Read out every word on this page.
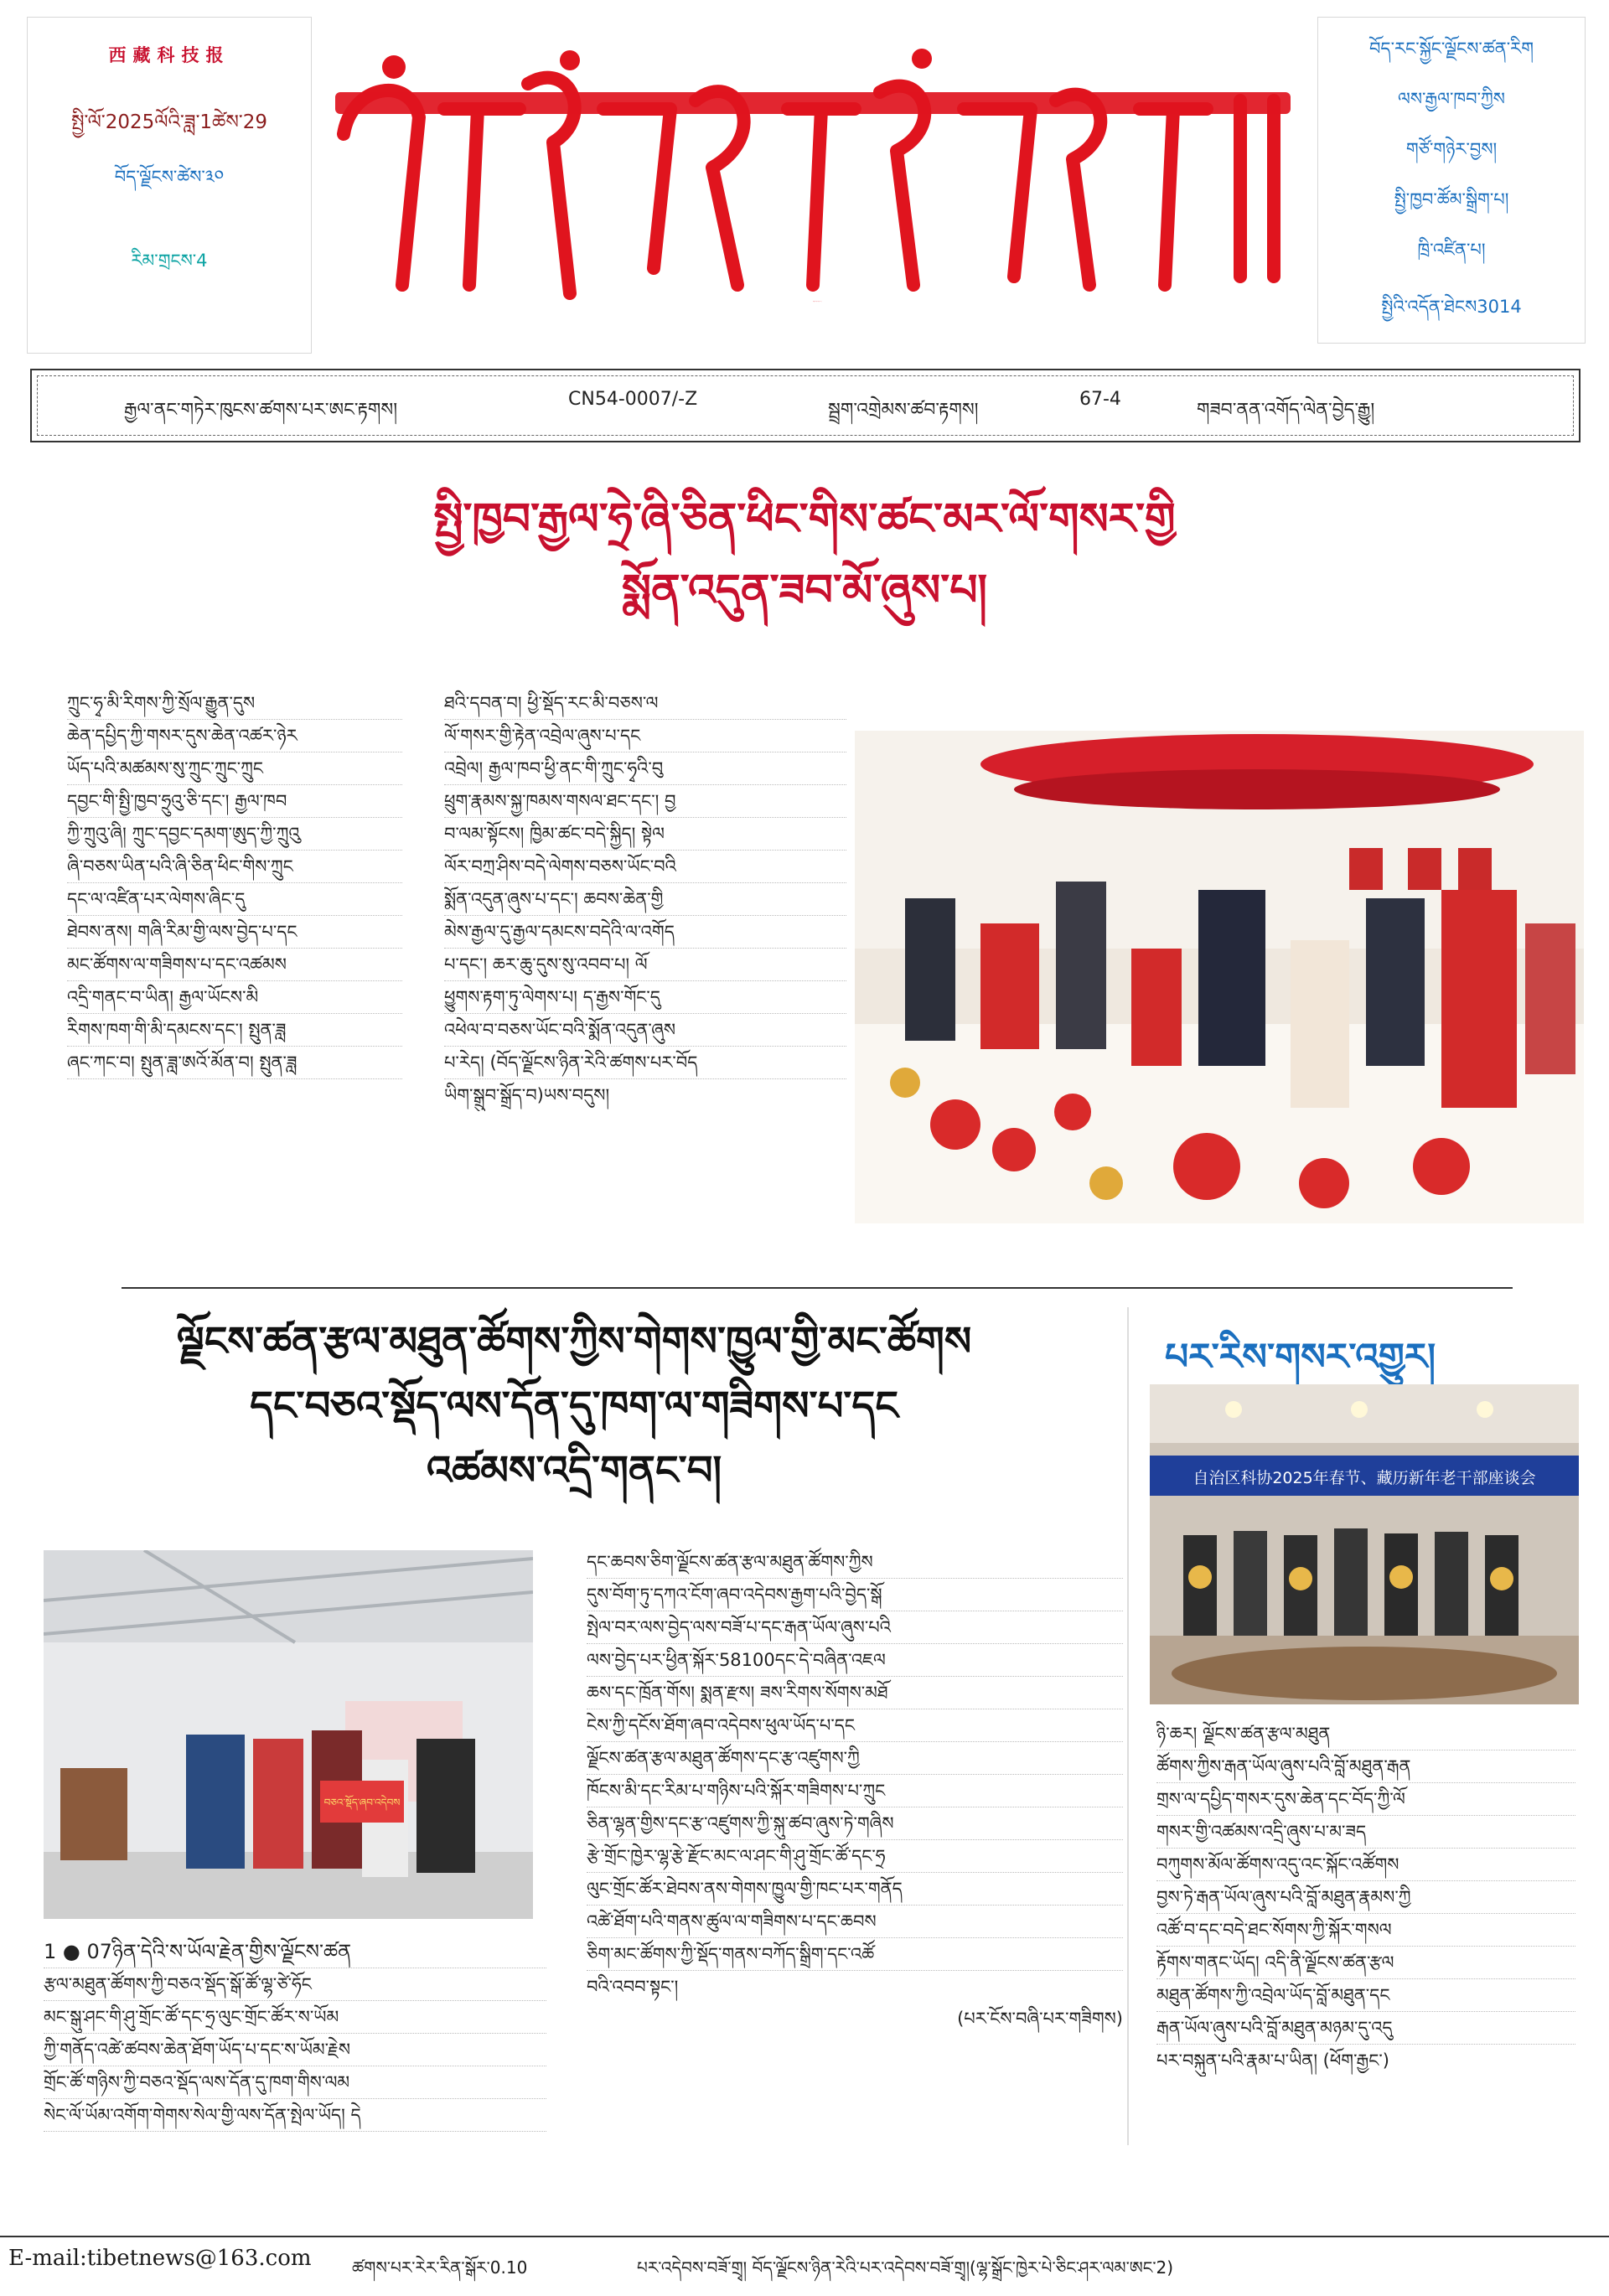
西藏科技报
སྤྱི་ལོ་2025ལོའི་ཟླ་1ཚེས་29
བོད་ལྗོངས་ཚེས་༣༠
རིམ་གྲངས་4
བོད་ལྗོངས་ཚན་རིག་ཚགས་པར།
བོད་རང་སྐྱོང་ལྗོངས་ཚན་རིག
ལས་རྒྱལ་ཁབ་ཀྱིས
གཙོ་གཉེར་བྱས།
སྤྱི་ཁྱབ་ཚོམ་སྒྲིག་པ།
ཁྲི་འཛིན་པ།
སྤྱིའི་འདོན་ཐེངས3014
རྒྱལ་ནང་གཏེར་ཁུངས་ཚགས་པར་ཨང་རྟགས།
CN54-0007/-Z
སྦྲག་འགྲེམས་ཚབ་རྟགས།
67-4
གཟབ་ནན་འགོད་ལེན་བྱེད་རྒྱུ།
སྤྱི་ཁྱབ་རྒྱལ་ཧྲེ་ཞི་ཅིན་ཕིང་གིས་ཚང་མར་ལོ་གསར་གྱི
སྨོན་འདུན་ཟབ་མོ་ཞུས་པ།
ཀྲུང་ཧྭ་མི་རིགས་ཀྱི་སྲོལ་རྒྱུན་དུས
ཆེན་དཔྱིད་ཀྱི་གསར་དུས་ཆེན་འཚར་ཉེར
ཡོད་པའི་མཚམས་སུ་ཀྲུང་ཀྲུང་ཀྲུང
དབྱང་གི་སྤྱི་ཁྱབ་ཧྲུའུ་ཅི་དང་། རྒྱལ་ཁབ
ཀྱི་ཀྲུའུ་ཞི། ཀྲུང་དབྱང་དམག་ཨུད་ཀྱི་ཀྲུའུ
ཞི་བཅས་ཡིན་པའི་ཞི་ཅིན་ཕིང་གིས་ཀྲུང
དང་ལ་འཛིན་པར་ལེགས་ཞིང་དུ
ཐེབས་ནས། གཞི་རིམ་གྱི་ལས་བྱེད་པ་དང
མང་ཚོགས་ལ་གཟིགས་པ་དང་འཚམས
འདྲི་གནང་བ་ཡིན། རྒྱལ་ཡོངས་མི
རིགས་ཁག་གི་མི་དམངས་དང་། སྤུན་ཟླ
ཞང་ཀང་བ། སྤུན་ཟླ་ཨའོ་མོན་བ། སྤུན་ཟླ
ཐའི་དབན་བ། ཕྱི་སྡོད་རང་མི་བཅས་ལ
ལོ་གསར་གྱི་རྟེན་འབྲེལ་ཞུས་པ་དང
འབྲེལ། རྒྱལ་ཁབ་ཕྱི་ནང་གི་ཀྲུང་ཧྭའི་བུ
ཕྲུག་རྣམས་སྐྱ་ཁམས་གསལ་ཐང་དང་། བྱ
བ་ལམ་སྟོངས། ཁྱིམ་ཚང་བདེ་སྐྱིད། སྟེལ
ལོར་བཀྲ་ཤིས་བདེ་ལེགས་བཅས་ཡོང་བའི
སྨོན་འདུན་ཞུས་པ་དང་། ཆབས་ཆེན་གྱི
མེས་རྒྱལ་དུ་རྒྱལ་དམངས་བདེའི་ལ་འགོད
པ་དང་། ཆར་ཆུ་དུས་སུ་འབབ་པ། ལོ
ཕྱུགས་རྟག་ཏུ་ལེགས་པ། ད་རྒྱས་གོང་དུ
འཕེལ་བ་བཅས་ཡོང་བའི་སྨོན་འདུན་ཞུས
པ་རེད། (བོད་ལྗོངས་ཉིན་རེའི་ཚགས་པར་བོད
ཡིག་སྒྲུབ་སྒྲོད་བ)ཡས་བདུས།
ལྗོངས་ཚན་རྩལ་མཐུན་ཚོགས་ཀྱིས་གེགས་ཁྱུལ་གྱི་མང་ཚོགས
དང་བཅའ་སྡོད་ལས་དོན་དུ་ཁག་ལ་གཟིགས་པ་དང
འཚམས་འདྲི་གནང་བ།
བཅའ་སྡོད་ཞབ་འདེབས
དང་ཆབས་ཅིག་ལྗོངས་ཚན་རྩལ་མཐུན་ཚོགས་ཀྱིས
དུས་བོག་ཏུ་དཀའ་ངོག་ཞབ་འདེབས་རྒྱག་པའི་བྱེད་སྒོ
སྤེལ་བར་ལས་བྱེད་ལས་བཟོ་པ་དང་རྒན་ཡོལ་ཞུས་པའི
ལས་བྱེད་པར་ཕྱིན་སྐོར་58100དང་དེ་བཞིན་འཇལ
ཆས་དང་ཁྲོན་གོས། སྨན་རྫས། ཟས་རིགས་སོགས་མཐོ
ངེས་ཀྱི་དངོས་ཐོག་ཞབ་འདེབས་ཕུལ་ཡོད་པ་དང
ལྗོངས་ཚན་རྩལ་མཐུན་ཚོགས་དང་རྩ་འཛུགས་ཀྱི
ཁོངས་མི་དང་རིམ་པ་གཉིས་པའི་སྐོར་གཟིགས་པ་ཀྲུང
ཅིན་ལྷན་གྱིས་དང་རྩ་འཛུགས་ཀྱི་སྐུ་ཚབ་ཞུས་ཏེ་གཞིས
རྩེ་གྲོང་ཁྱེར་ལྷ་རྩེ་རྫོང་མང་ལ་ཤང་གི་ཤུ་གྲོང་ཚོ་དང་ཧྲ
ལུང་གྲོང་ཚོར་ཐེབས་ནས་གེགས་ཁྱུལ་གྱི་ཁང་པར་གནོད
འཚེ་ཐོག་པའི་གནས་ཚུལ་ལ་གཟིགས་པ་དང་ཆབས
ཅིག་མང་ཚོགས་ཀྱི་སྡོད་གནས་བཀོད་སྒྲིག་དང་འཚོ
བའི་འབབ་སྟང་།
(པར་ངོས་བཞི་པར་གཟིགས)
1 ● 07ཉིན་དེའི་ས་ཡོལ་རྗེན་གྱིས་ལྗོངས་ཚན
རྩལ་མཐུན་ཚོགས་ཀྱི་བཅའ་སྡོད་སྒོ་ཚོ་ལྷ་ཙེ་ཧོང
མང་སྒུ་ཤང་གི་ཤུ་གྲོང་ཚོ་དང་ཧྲ་ལུང་གྲོང་ཚོར་ས་ཡོམ
ཀྱི་གནོད་འཚེ་ཚབས་ཆེན་ཐོག་ཡོད་པ་དང་ས་ཡོམ་རྗེས
གྲོང་ཚོ་གཉིས་ཀྱི་བཅའ་སྡོད་ལས་དོན་དུ་ཁག་གིས་ལམ
སེང་ལོ་ཡོམ་འགོག་གེགས་སེལ་གྱི་ལས་དོན་སྤེལ་ཡོད། དེ
པར་རིས་གསར་འགྱུར།
自治区科协2025年春节、藏历新年老干部座谈会
ཉི་ཆར། ལྗོངས་ཚན་རྩལ་མཐུན
ཚོགས་ཀྱིས་རྒན་ཡོལ་ཞུས་པའི་བློ་མཐུན་རྒན
གྲས་ལ་དཔྱིད་གསར་དུས་ཆེན་དང་བོད་ཀྱི་ལོ
གསར་གྱི་འཚམས་འདྲི་ཞུས་པ་མ་ཟད
བཀུགས་མོལ་ཚོགས་འདུ་འང་སྐོང་འཚོགས
བྱས་ཏེ་རྒན་ཡོལ་ཞུས་པའི་བློ་མཐུན་རྣམས་ཀྱི
འཚོ་བ་དང་བདེ་ཐང་སོགས་ཀྱི་སྐོར་གསལ
རྟོགས་གནང་ཡོད། འདི་ནི་ལྗོངས་ཚན་རྩལ
མཐུན་ཚོགས་ཀྱི་འབྲེལ་ཡོད་བློ་མཐུན་དང
རྒན་ཡོལ་ཞུས་པའི་བློ་མཐུན་མཉམ་དུ་འདུ
པར་བསྐུན་པའི་རྣམ་པ་ཡིན། (ཕོག་རྒྱང་)
E-mail:tibetnews@163.com ཚགས་པར་རེར་རིན་སྒོར་0.10	པར་འདེབས་བཟོ་གྲྭ། བོད་ལྗོངས་ཉིན་རེའི་པར་འདེབས་བཟོ་གྲྭ།(ལྷ་སྒྲོང་ཁྱེར་པེ་ཅིང་ཤར་ལམ་ཨང་2)
